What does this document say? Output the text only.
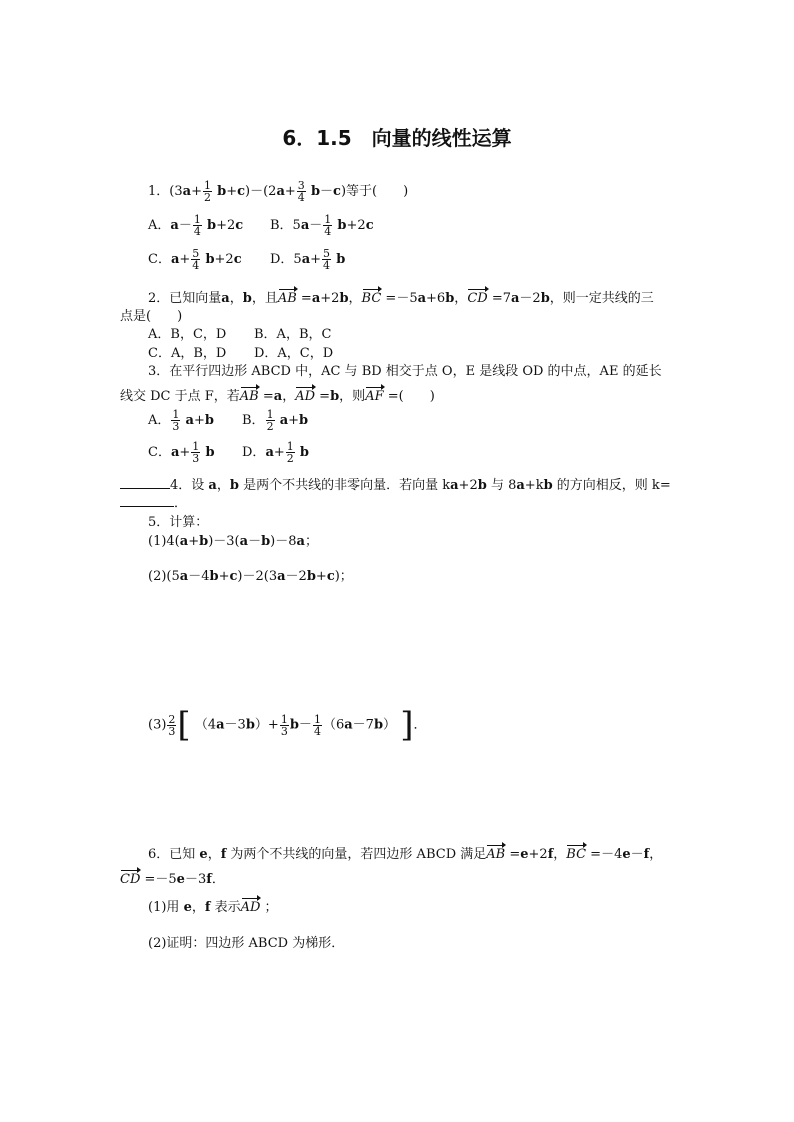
6．1.5　向量的线性运算
1．$(3a+ \frac{1}{2} b+c)-(2a+ \frac{3}{4} b-c)$等于(　　)
A．$a- \frac{1}{4} b+2c$ B．$5a- \frac{1}{4} b+2c$
C．$a+ \frac{5}{4} b+2c$ D．$5a+ \frac{5}{4}$ b
2．已知向量a，b，且AB =a+2b，BC =－5a+6b，CD =7a－2b，则一定共线的三
点是(　　)
A．B，C，D B．A，B，C
C．A，B，D D．A，C，D
3．在平行四边形 ABCD 中，AC 与 BD 相交于点 O，E 是线段 OD 的中点，AE 的延长
线交 DC 于点 F，若AB =a，AD =b，则AF =(　　)
A． $\frac{1}{3} a+b$ B． $\frac{1}{2} a+b$
C．$a+ \frac{1}{3}$ b D．$a+ \frac{1}{2}$ b
4．设 a，b 是两个不共线的非零向量．若向量 ka+2b 与 8a+kb 的方向相反，则 k=
．
5．计算：
(1)4(a+b)－3(a－b)－8a；
(2)(5a－4b+c)－2(3a－2b+c)；
$(3) \frac{2}{3}$ [ $(4a-3b)+ \frac{1}{3} b- \frac{1}{4} (6a-7b)$ ]．
6．已知 e，f 为两个不共线的向量，若四边形 ABCD 满足AB =e+2f，BC =－4e－f，
CD =－5e－3f．
(1)用 e，f 表示AD ；
(2)证明：四边形 ABCD 为梯形．
